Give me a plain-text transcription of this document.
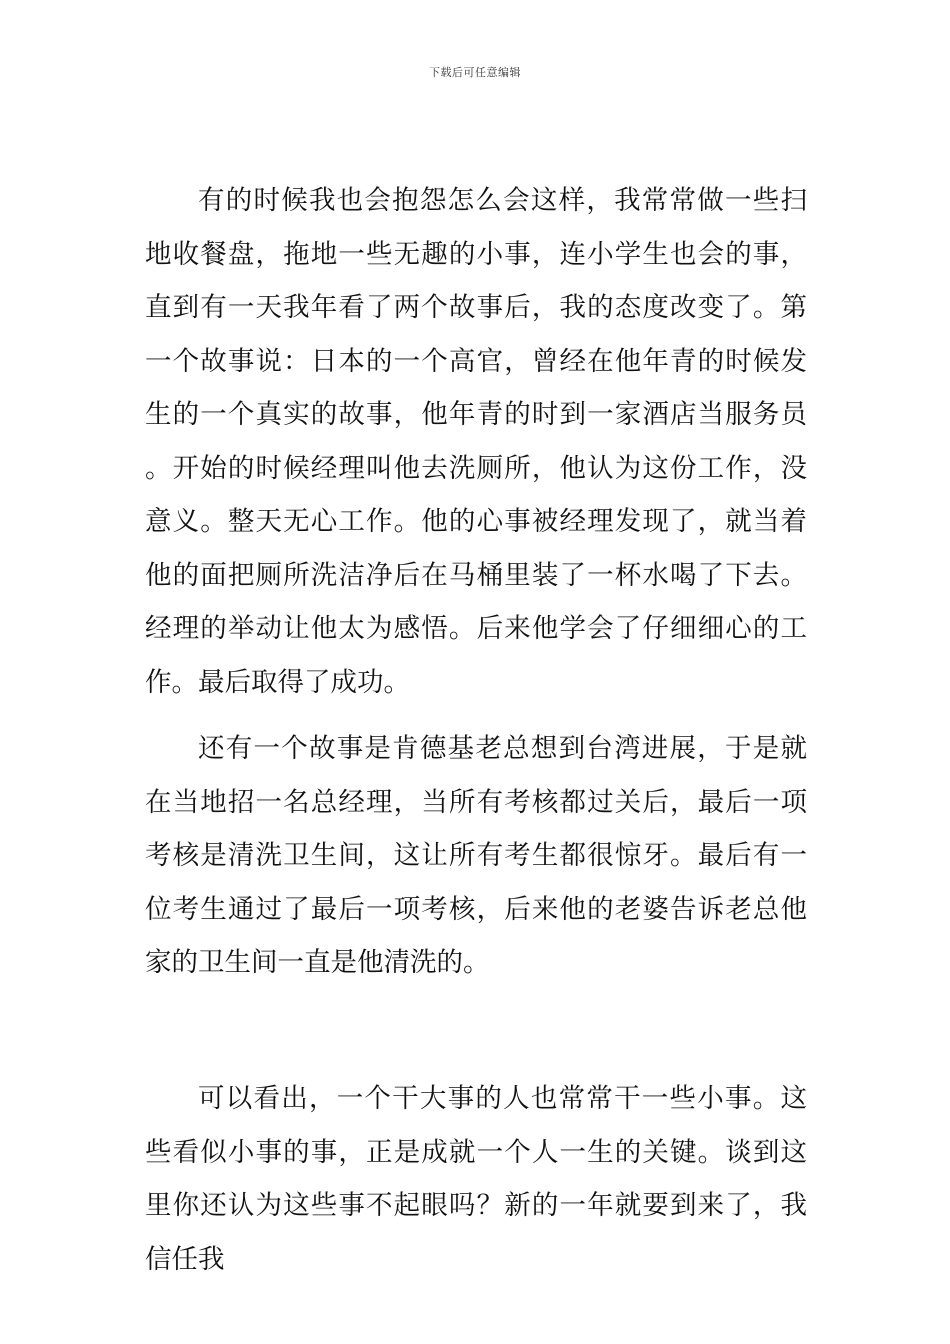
下载后可任意编辑

有的时候我也会抱怨怎么会这样，我常常做一些扫地收餐盘，拖地一些无趣的小事，连小学生也会的事，直到有一天我年看了两个故事后，我的态度改变了。第一个故事说：日本的一个高官，曾经在他年青的时候发生的一个真实的故事，他年青的时到一家酒店当服务员。开始的时候经理叫他去洗厕所，他认为这份工作，没意义。整天无心工作。他的心事被经理发现了，就当着他的面把厕所洗洁净后在马桶里装了一杯水喝了下去。经理的举动让他太为感悟。后来他学会了仔细细心的工作。最后取得了成功。

还有一个故事是肯德基老总想到台湾进展，于是就在当地招一名总经理，当所有考核都过关后，最后一项考核是清洗卫生间，这让所有考生都很惊牙。最后有一位考生通过了最后一项考核，后来他的老婆告诉老总他家的卫生间一直是他清洗的。

可以看出，一个干大事的人也常常干一些小事。这些看似小事的事，正是成就一个人一生的关键。谈到这里你还认为这些事不起眼吗？新的一年就要到来了，我信任我
